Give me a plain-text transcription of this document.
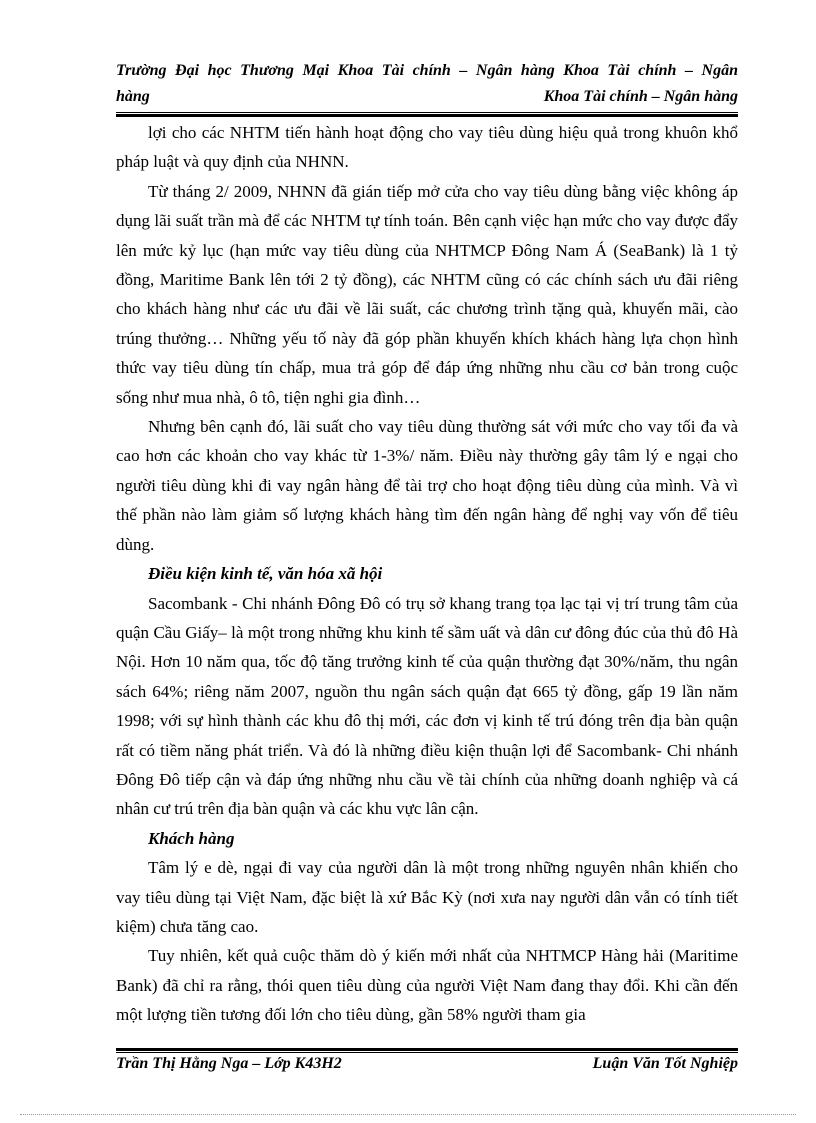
Trường Đại học Thương Mại Khoa Tài chính – Ngân hàng Khoa Tài chính – Ngân
hàng	Khoa Tài chính – Ngân hàng

lợi cho các NHTM tiến hành hoạt động cho vay tiêu dùng hiệu quả trong khuôn khổ pháp luật và quy định của NHNN.

Từ tháng 2/ 2009, NHNN đã gián tiếp mở cửa cho vay tiêu dùng bằng việc không áp dụng lãi suất trần mà để các NHTM tự tính toán. Bên cạnh việc hạn mức cho vay được đẩy lên mức kỷ lục (hạn mức vay tiêu dùng của NHTMCP Đông Nam Á (SeaBank) là 1 tỷ đồng, Maritime Bank lên tới 2 tỷ đồng), các NHTM cũng có các chính sách ưu đãi riêng cho khách hàng như các ưu đãi về lãi suất, các chương trình tặng quà, khuyến mãi, cào trúng thưởng… Những yếu tố này đã góp phần khuyến khích khách hàng lựa chọn hình thức vay tiêu dùng tín chấp, mua trả góp để đáp ứng những nhu cầu cơ bản trong cuộc sống như mua nhà, ô tô, tiện nghi gia đình…

Nhưng bên cạnh đó, lãi suất cho vay tiêu dùng thường sát với mức cho vay tối đa và cao hơn các khoản cho vay khác từ 1-3%/ năm. Điều này thường gây tâm lý e ngại cho người tiêu dùng khi đi vay ngân hàng để tài trợ cho hoạt động tiêu dùng của mình. Và vì thế phần nào làm giảm số lượng khách hàng tìm đến ngân hàng để nghị vay vốn để tiêu dùng.

Điều kiện kinh tế, văn hóa xã hội

Sacombank - Chi nhánh Đông Đô có trụ sở khang trang tọa lạc tại vị trí trung tâm của quận Cầu Giấy– là một trong những khu kinh tế sầm uất và dân cư đông đúc của thủ đô Hà Nội. Hơn 10 năm qua, tốc độ tăng trưởng kinh tế của quận thường đạt 30%/năm, thu ngân sách 64%; riêng năm 2007, nguồn thu ngân sách quận đạt 665 tỷ đồng, gấp 19 lần năm 1998; với sự hình thành các khu đô thị mới, các đơn vị kinh tế trú đóng trên địa bàn quận rất có tiềm năng phát triển. Và đó là những điều kiện thuận lợi để Sacombank- Chi nhánh Đông Đô tiếp cận và đáp ứng những nhu cầu về tài chính của những doanh nghiệp và cá nhân cư trú trên địa bàn quận và các khu vực lân cận.

Khách hàng

Tâm lý e dè, ngại đi vay của người dân là một trong những nguyên nhân khiến cho vay tiêu dùng tại Việt Nam, đặc biệt là xứ Bắc Kỳ (nơi xưa nay người dân vẫn có tính tiết kiệm) chưa tăng cao.

Tuy nhiên, kết quả cuộc thăm dò ý kiến mới nhất của NHTMCP Hàng hải (Maritime Bank) đã chỉ ra rằng, thói quen tiêu dùng của người Việt Nam đang thay đổi. Khi cần đến một lượng tiền tương đối lớn cho tiêu dùng, gần 58% người tham gia

Trần Thị Hằng Nga – Lớp K43H2	Luận Văn Tốt Nghiệp
